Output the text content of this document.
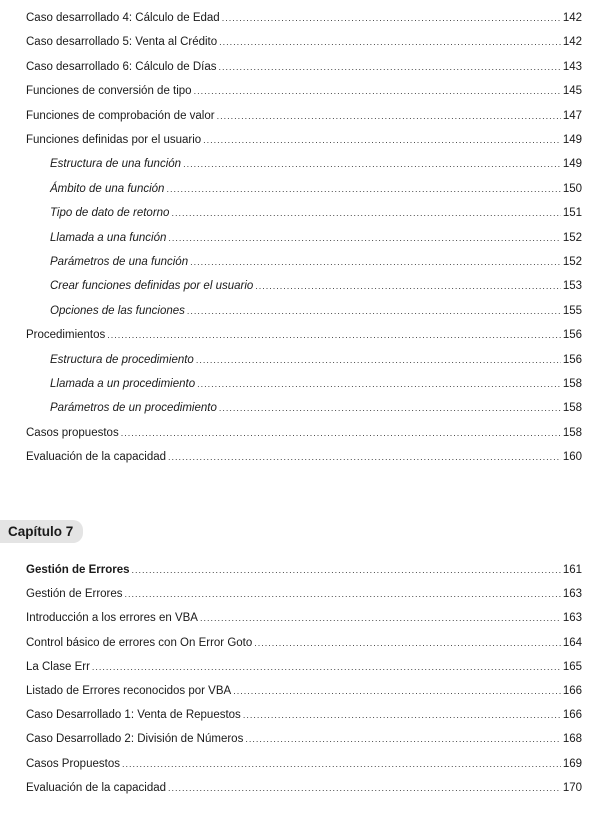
Caso desarrollado 4: Cálculo de Edad .....	142
Caso desarrollado 5: Venta al Crédito .....	142
Caso desarrollado 6: Cálculo de Días .....	143
Funciones de conversión de tipo .....	145
Funciones de comprobación de valor .....	147
Funciones definidas por el usuario .....	149
Estructura de una función .....	149
Ámbito de una función .....	150
Tipo de dato de retorno .....	151
Llamada a una función .....	152
Parámetros de una función .....	152
Crear funciones definidas por el usuario .....	153
Opciones de las funciones .....	155
Procedimientos .....	156
Estructura de procedimiento .....	156
Llamada a un procedimiento .....	158
Parámetros de un procedimiento .....	158
Casos propuestos .....	158
Evaluación de la capacidad .....	160
Capítulo 7
Gestión de Errores .....	161
Gestión de Errores .....	163
Introducción a los errores en VBA .....	163
Control básico de errores con On Error Goto .....	164
La Clase Err .....	165
Listado de Errores reconocidos por VBA .....	166
Caso Desarrollado 1: Venta de Repuestos .....	166
Caso Desarrollado 2: División de Números .....	168
Casos Propuestos .....	169
Evaluación de la capacidad .....	170
